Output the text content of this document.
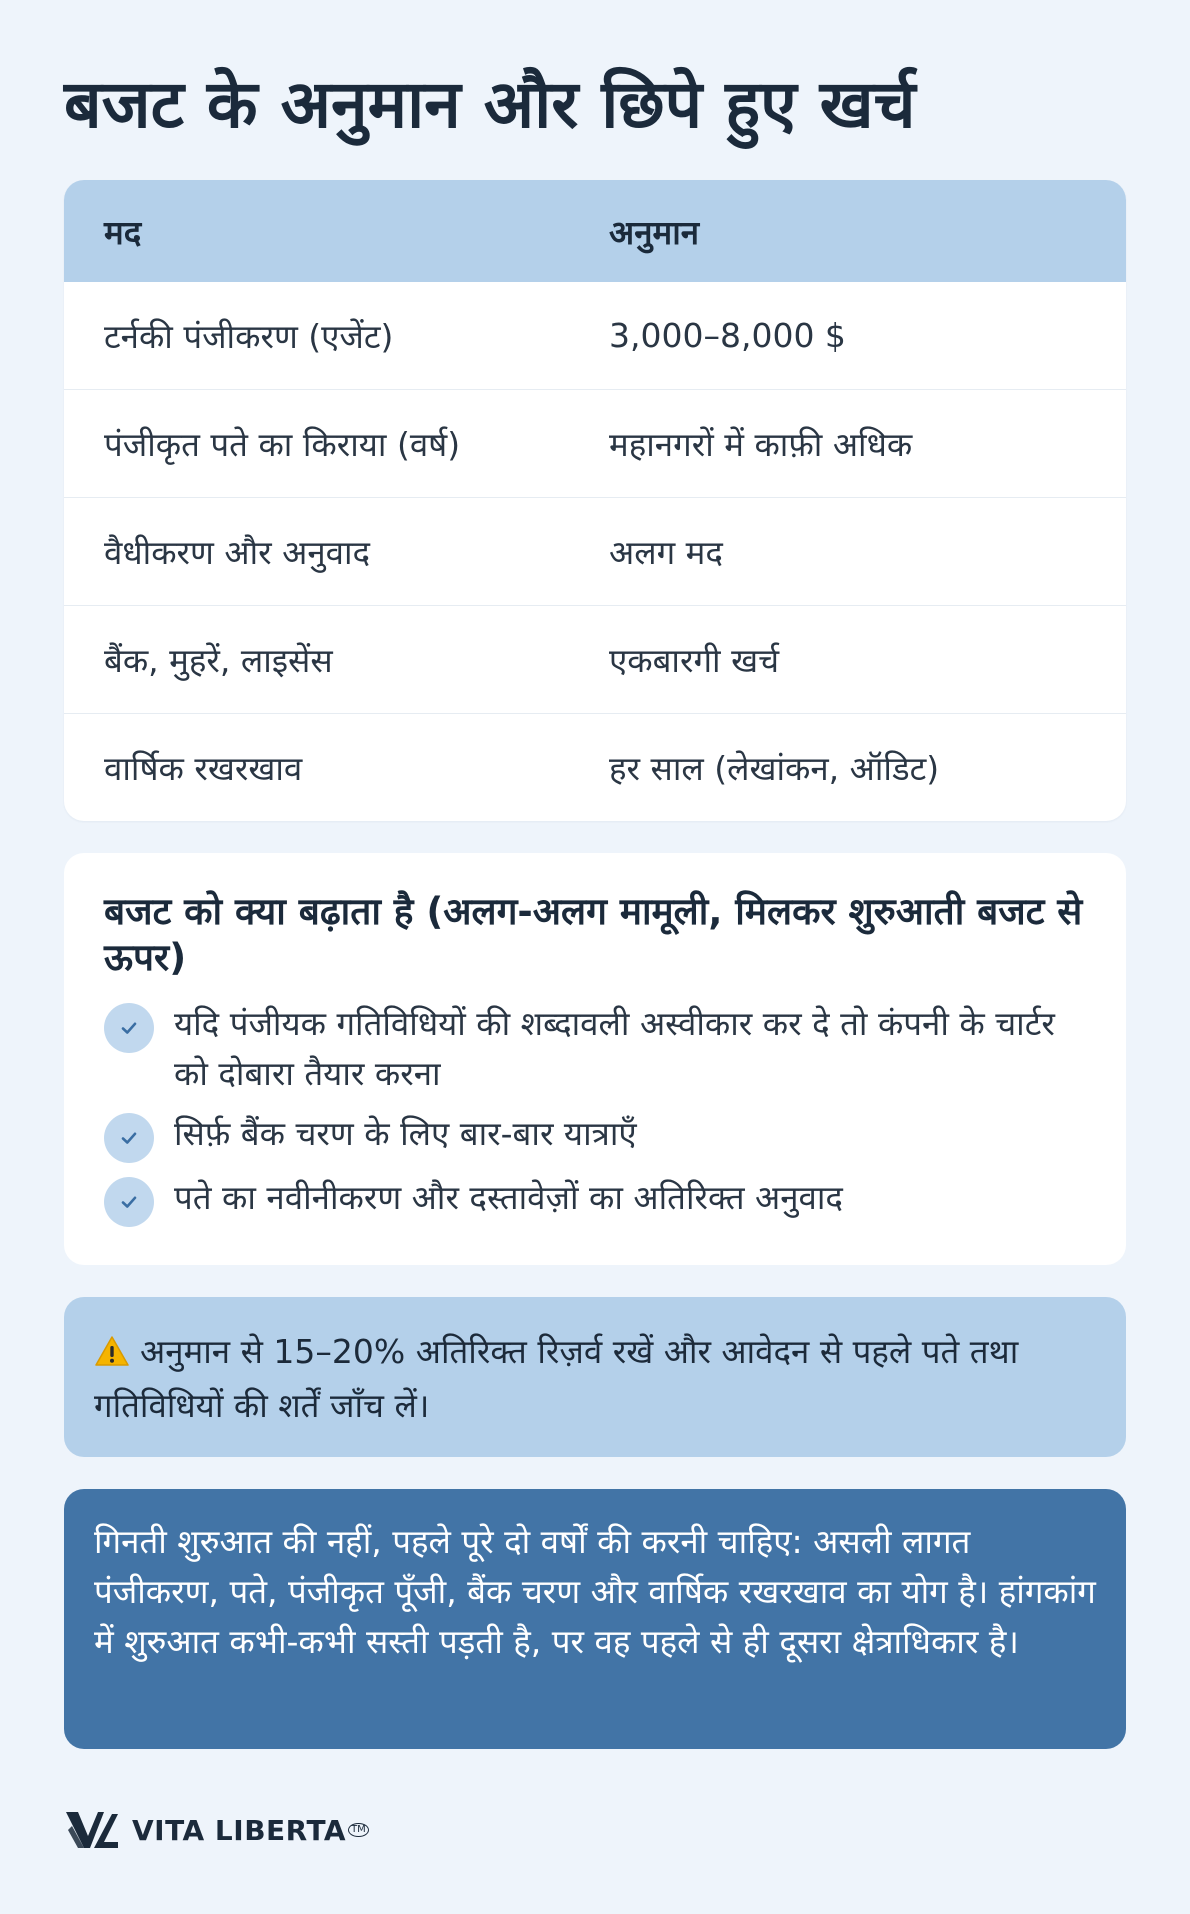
बजट के अनुमान और छिपे हुए खर्च
मद	अनुमान
टर्नकी पंजीकरण (एजेंट)	3,000–8,000 $
पंजीकृत पते का किराया (वर्ष)	महानगरों में काफ़ी अधिक
वैधीकरण और अनुवाद	अलग मद
बैंक, मुहरें, लाइसेंस	एकबारगी खर्च
वार्षिक रखरखाव	हर साल (लेखांकन, ऑडिट)
बजट को क्या बढ़ाता है (अलग-अलग मामूली, मिलकर शुरुआती बजट से ऊपर)
यदि पंजीयक गतिविधियों की शब्दावली अस्वीकार कर दे तो कंपनी के चार्टर को दोबारा तैयार करना
सिर्फ़ बैंक चरण के लिए बार-बार यात्राएँ
पते का नवीनीकरण और दस्तावेज़ों का अतिरिक्त अनुवाद
अनुमान से 15–20% अतिरिक्त रिज़र्व रखें और आवेदन से पहले पते तथा गतिविधियों की शर्तें जाँच लें।
गिनती शुरुआत की नहीं, पहले पूरे दो वर्षों की करनी चाहिए: असली लागत पंजीकरण, पते, पंजीकृत पूँजी, बैंक चरण और वार्षिक रखरखाव का योग है। हांगकांग में शुरुआत कभी-कभी सस्ती पड़ती है, पर वह पहले से ही दूसरा क्षेत्राधिकार है।
VITA LIBERTA TM
